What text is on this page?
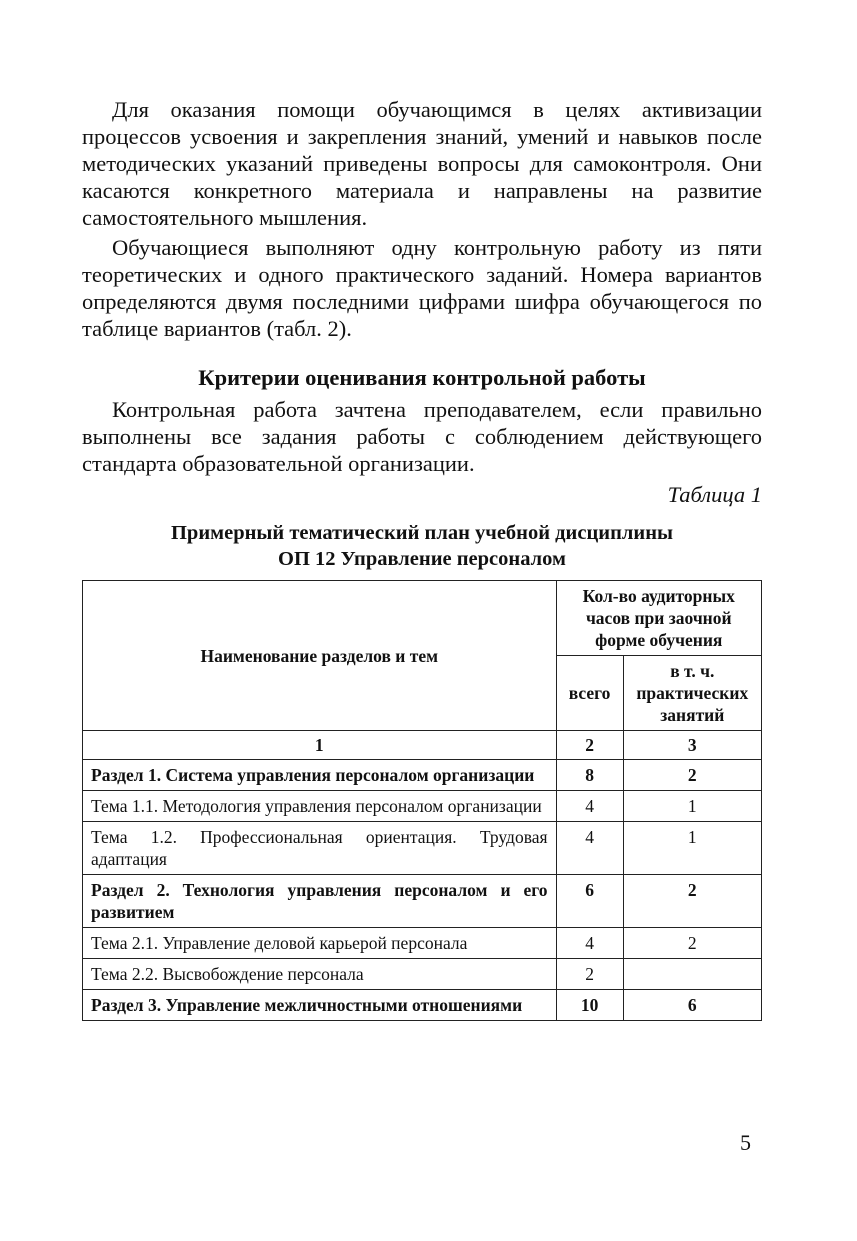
Для оказания помощи обучающимся в целях активизации процессов усвоения и закрепления знаний, умений и навыков после методических указаний приведены вопросы для самоконтроля. Они касаются конкретного материала и направлены на развитие самостоятельного мышления.

Обучающиеся выполняют одну контрольную работу из пяти теоретических и одного практического заданий. Номера вариантов определяются двумя последними цифрами шифра обучающегося по таблице вариантов (табл. 2).

Критерии оценивания контрольной работы

Контрольная работа зачтена преподавателем, если правильно выполнены все задания работы с соблюдением действующего стандарта образовательной организации.

Таблица 1
Примерный тематический план учебной дисциплины
ОП 12 Управление персоналом
Наименование разделов и тем	Кол-во аудиторных часов при заочной форме обучения	
	всего	в т. ч. практических занятий
1	2	3
Раздел 1. Система управления персоналом организации	8	2
Тема 1.1. Методология управления персоналом организации	4	1
Тема 1.2. Профессиональная ориентация. Трудовая адаптация	4	1
Раздел 2. Технология управления персоналом и его развитием	6	2
Тема 2.1. Управление деловой карьерой персонала	4	2
Тема 2.2. Высвобождение персонала	2	
Раздел 3. Управление межличностными отношениями	10	6
5
